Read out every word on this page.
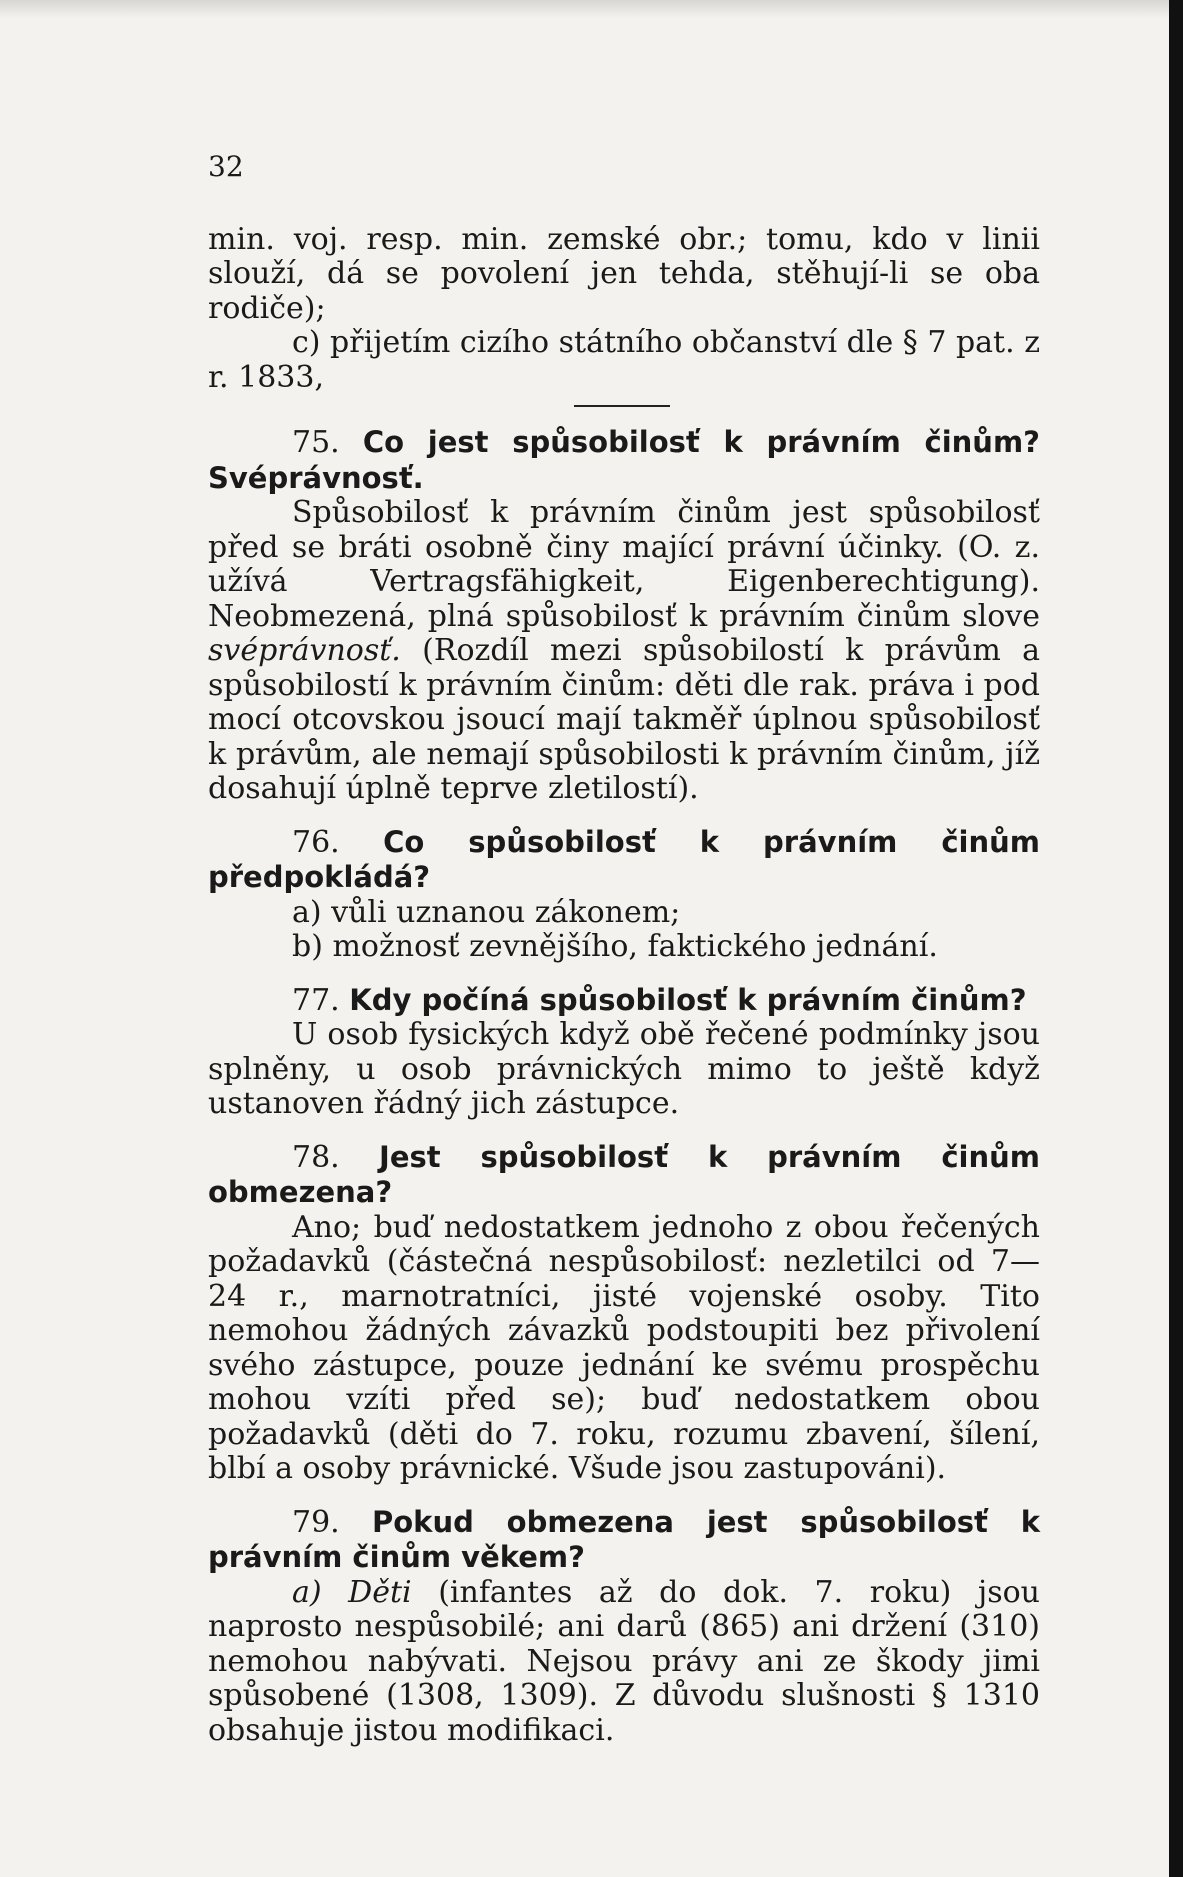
32

min. voj. resp. min. zemské obr.; tomu, kdo v linii slouží, dá se povolení jen tehda, stěhují-li se oba rodiče);

c) přijetím cizího státního občanství dle § 7 pat. z r. 1833,

75. Co jest spůsobilosť k právním činům? Svéprávnosť.

Spůsobilosť k právním činům jest spůsobilosť před se bráti osobně činy mající právní účinky. (O. z. užívá Vertragsfähigkeit, Eigenberechtigung). Neobmezená, plná spůsobilosť k právním činům slove svéprávnosť. (Rozdíl mezi spůsobilostí k právům a spůsobilostí k právním činům: děti dle rak. práva i pod mocí otcovskou jsoucí mají takměř úplnou spůsobilosť k právům, ale nemají spůsobilosti k právním činům, jíž dosahují úplně teprve zletilostí).

76. Co spůsobilosť k právním činům předpokládá?

a) vůli uznanou zákonem;

b) možnosť zevnějšího, faktického jednání.

77. Kdy počíná spůsobilosť k právním činům?

U osob fysických když obě řečené podmínky jsou splněny, u osob právnických mimo to ještě když ustanoven řádný jich zástupce.

78. Jest spůsobilosť k právním činům obmezena?

Ano; buď nedostatkem jednoho z obou řečených požadavků (částečná nespůsobilosť: nezletilci od 7—24 r., marnotratníci, jisté vojenské osoby. Tito nemohou žádných závazků podstoupiti bez přivolení svého zástupce, pouze jednání ke svému prospěchu mohou vzíti před se); buď nedostatkem obou požadavků (děti do 7. roku, rozumu zbavení, šílení, blbí a osoby právnické. Všude jsou zastupováni).

79. Pokud obmezena jest spůsobilosť k právním činům věkem?

a) Děti (infantes až do dok. 7. roku) jsou naprosto nespůsobilé; ani darů (865) ani držení (310) nemohou nabývati. Nejsou právy ani ze škody jimi spůsobené (1308, 1309). Z důvodu slušnosti § 1310 obsahuje jistou modifikaci.
